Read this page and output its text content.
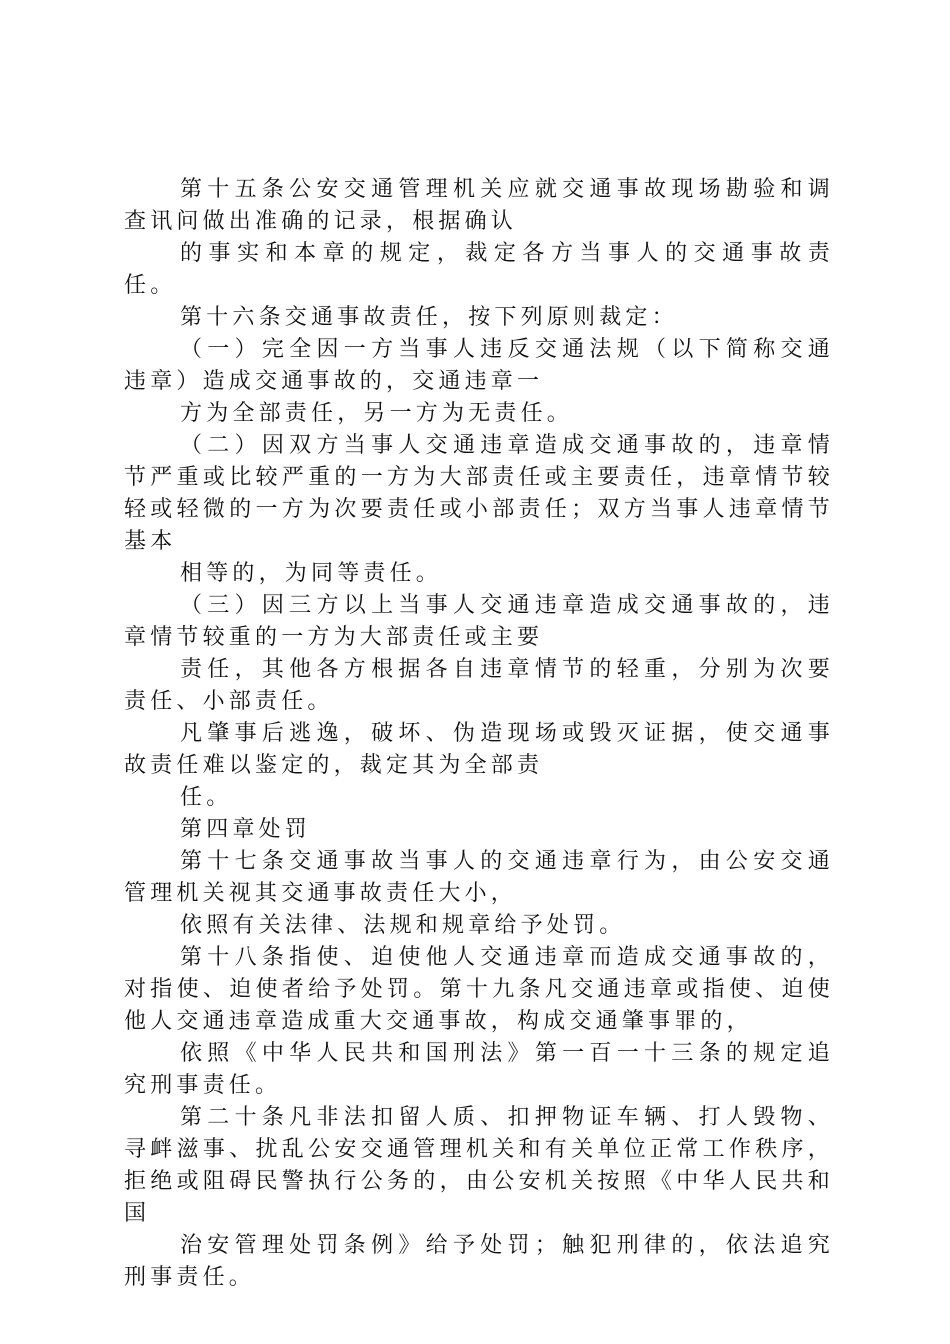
第十五条公安交通管理机关应就交通事故现场勘验和调查讯问做出准确的记录，根据确认

的事实和本章的规定，裁定各方当事人的交通事故责任。

第十六条交通事故责任，按下列原则裁定：

（一）完全因一方当事人违反交通法规（以下简称交通违章）造成交通事故的，交通违章一

方为全部责任，另一方为无责任。

（二）因双方当事人交通违章造成交通事故的，违章情节严重或比较严重的一方为大部责任或主要责任，违章情节较轻或轻微的一方为次要责任或小部责任；双方当事人违章情节基本

相等的，为同等责任。

（三）因三方以上当事人交通违章造成交通事故的，违章情节较重的一方为大部责任或主要

责任，其他各方根据各自违章情节的轻重，分别为次要责任、小部责任。

凡肇事后逃逸，破坏、伪造现场或毁灭证据，使交通事故责任难以鉴定的，裁定其为全部责

任。

第四章处罚

第十七条交通事故当事人的交通违章行为，由公安交通管理机关视其交通事故责任大小，

依照有关法律、法规和规章给予处罚。

第十八条指使、迫使他人交通违章而造成交通事故的，对指使、迫使者给予处罚。第十九条凡交通违章或指使、迫使他人交通违章造成重大交通事故，构成交通肇事罪的，

依照《中华人民共和国刑法》第一百一十三条的规定追究刑事责任。

第二十条凡非法扣留人质、扣押物证车辆、打人毁物、寻衅滋事、扰乱公安交通管理机关和有关单位正常工作秩序，拒绝或阻碍民警执行公务的，由公安机关按照《中华人民共和国

治安管理处罚条例》给予处罚；触犯刑律的，依法追究刑事责任。
